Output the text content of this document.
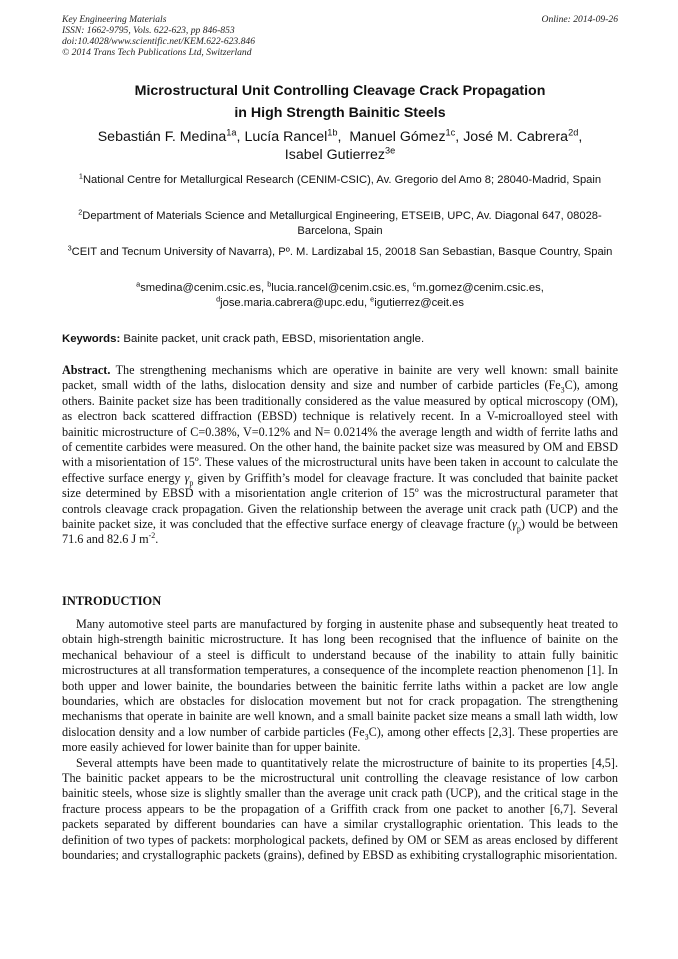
Key Engineering Materials
ISSN: 1662-9795, Vols. 622-623, pp 846-853
doi:10.4028/www.scientific.net/KEM.622-623.846
© 2014 Trans Tech Publications Ltd, Switzerland
Online: 2014-09-26
Microstructural Unit Controlling Cleavage Crack Propagation
in High Strength Bainitic Steels
Sebastián F. Medina$^{1a}$, Lucía Rancel$^{1b}$,  Manuel Gómez$^{1c}$, José M. Cabrera$^{2d}$,
Isabel Gutierrez$^{3e}$
$^1$National Centre for Metallurgical Research (CENIM-CSIC), Av. Gregorio del Amo 8; 28040-Madrid, Spain
$^2$Department of Materials Science and Metallurgical Engineering, ETSEIB, UPC, Av. Diagonal 647, 08028-Barcelona, Spain
$^3$CEIT and Tecnum University of Navarra), Pº. M. Lardizabal 15, 20018 San Sebastian, Basque Country, Spain
$^a$smedina@cenim.csic.es, $^b$lucia.rancel@cenim.csic.es, $^c$m.gomez@cenim.csic.es,
$^d$jose.maria.cabrera@upc.edu, $^e$igutierrez@ceit.es
Keywords: Bainite packet, unit crack path, EBSD, misorientation angle.
Abstract. The strengthening mechanisms which are operative in bainite are very well known: small bainite packet, small width of the laths, dislocation density and size and number of carbide particles $(Fe_3C)$, among others. Bainite packet size has been traditionally considered as the value measured by optical microscopy (OM), as electron back scattered diffraction (EBSD) technique is relatively recent. In a V-microalloyed steel with bainitic microstructure of C=0.38%, V=0.12% and N= 0.0214% the average length and width of ferrite laths and of cementite carbides were measured. On the other hand, the bainite packet size was measured by OM and EBSD with a misorientation of 15º. These values of the microstructural units have been taken in account to calculate the effective surface energy $\gamma_p$ given by Griffith’s model for cleavage fracture. It was concluded that bainite packet size determined by EBSD with a misorientation angle criterion of 15º was the microstructural parameter that controls cleavage crack propagation. Given the relationship between the average unit crack path (UCP) and the bainite packet size, it was concluded that the effective surface energy of cleavage fracture $(\gamma_p)$ would be between 71.6 and 82.6 J $m^{-2}$.
INTRODUCTION

Many automotive steel parts are manufactured by forging in austenite phase and subsequently heat treated to obtain high-strength bainitic microstructure. It has long been recognised that the influence of bainite on the mechanical behaviour of a steel is difficult to understand because of the inability to attain fully bainitic microstructures at all transformation temperatures, a consequence of the incomplete reaction phenomenon [1]. In both upper and lower bainite, the boundaries between the bainitic ferrite laths within a packet are low angle boundaries, which are obstacles for dislocation movement but not for crack propagation. The strengthening mechanisms that operate in bainite are well known, and a small bainite packet size means a small lath width, low dislocation density and a low number of carbide particles $(Fe_3C)$, among other effects [2,3]. These properties are more easily achieved for lower bainite than for upper bainite.

Several attempts have been made to quantitatively relate the microstructure of bainite to its properties [4,5]. The bainitic packet appears to be the microstructural unit controlling the cleavage resistance of low carbon bainitic steels, whose size is slightly smaller than the average unit crack path (UCP), and the critical stage in the fracture process appears to be the propagation of a Griffith crack from one packet to another [6,7]. Several packets separated by different boundaries can have a similar crystallographic orientation. This leads to the definition of two types of packets: morphological packets, defined by OM or SEM as areas enclosed by different boundaries; and crystallographic packets (grains), defined by EBSD as exhibiting crystallographic misorientation.
